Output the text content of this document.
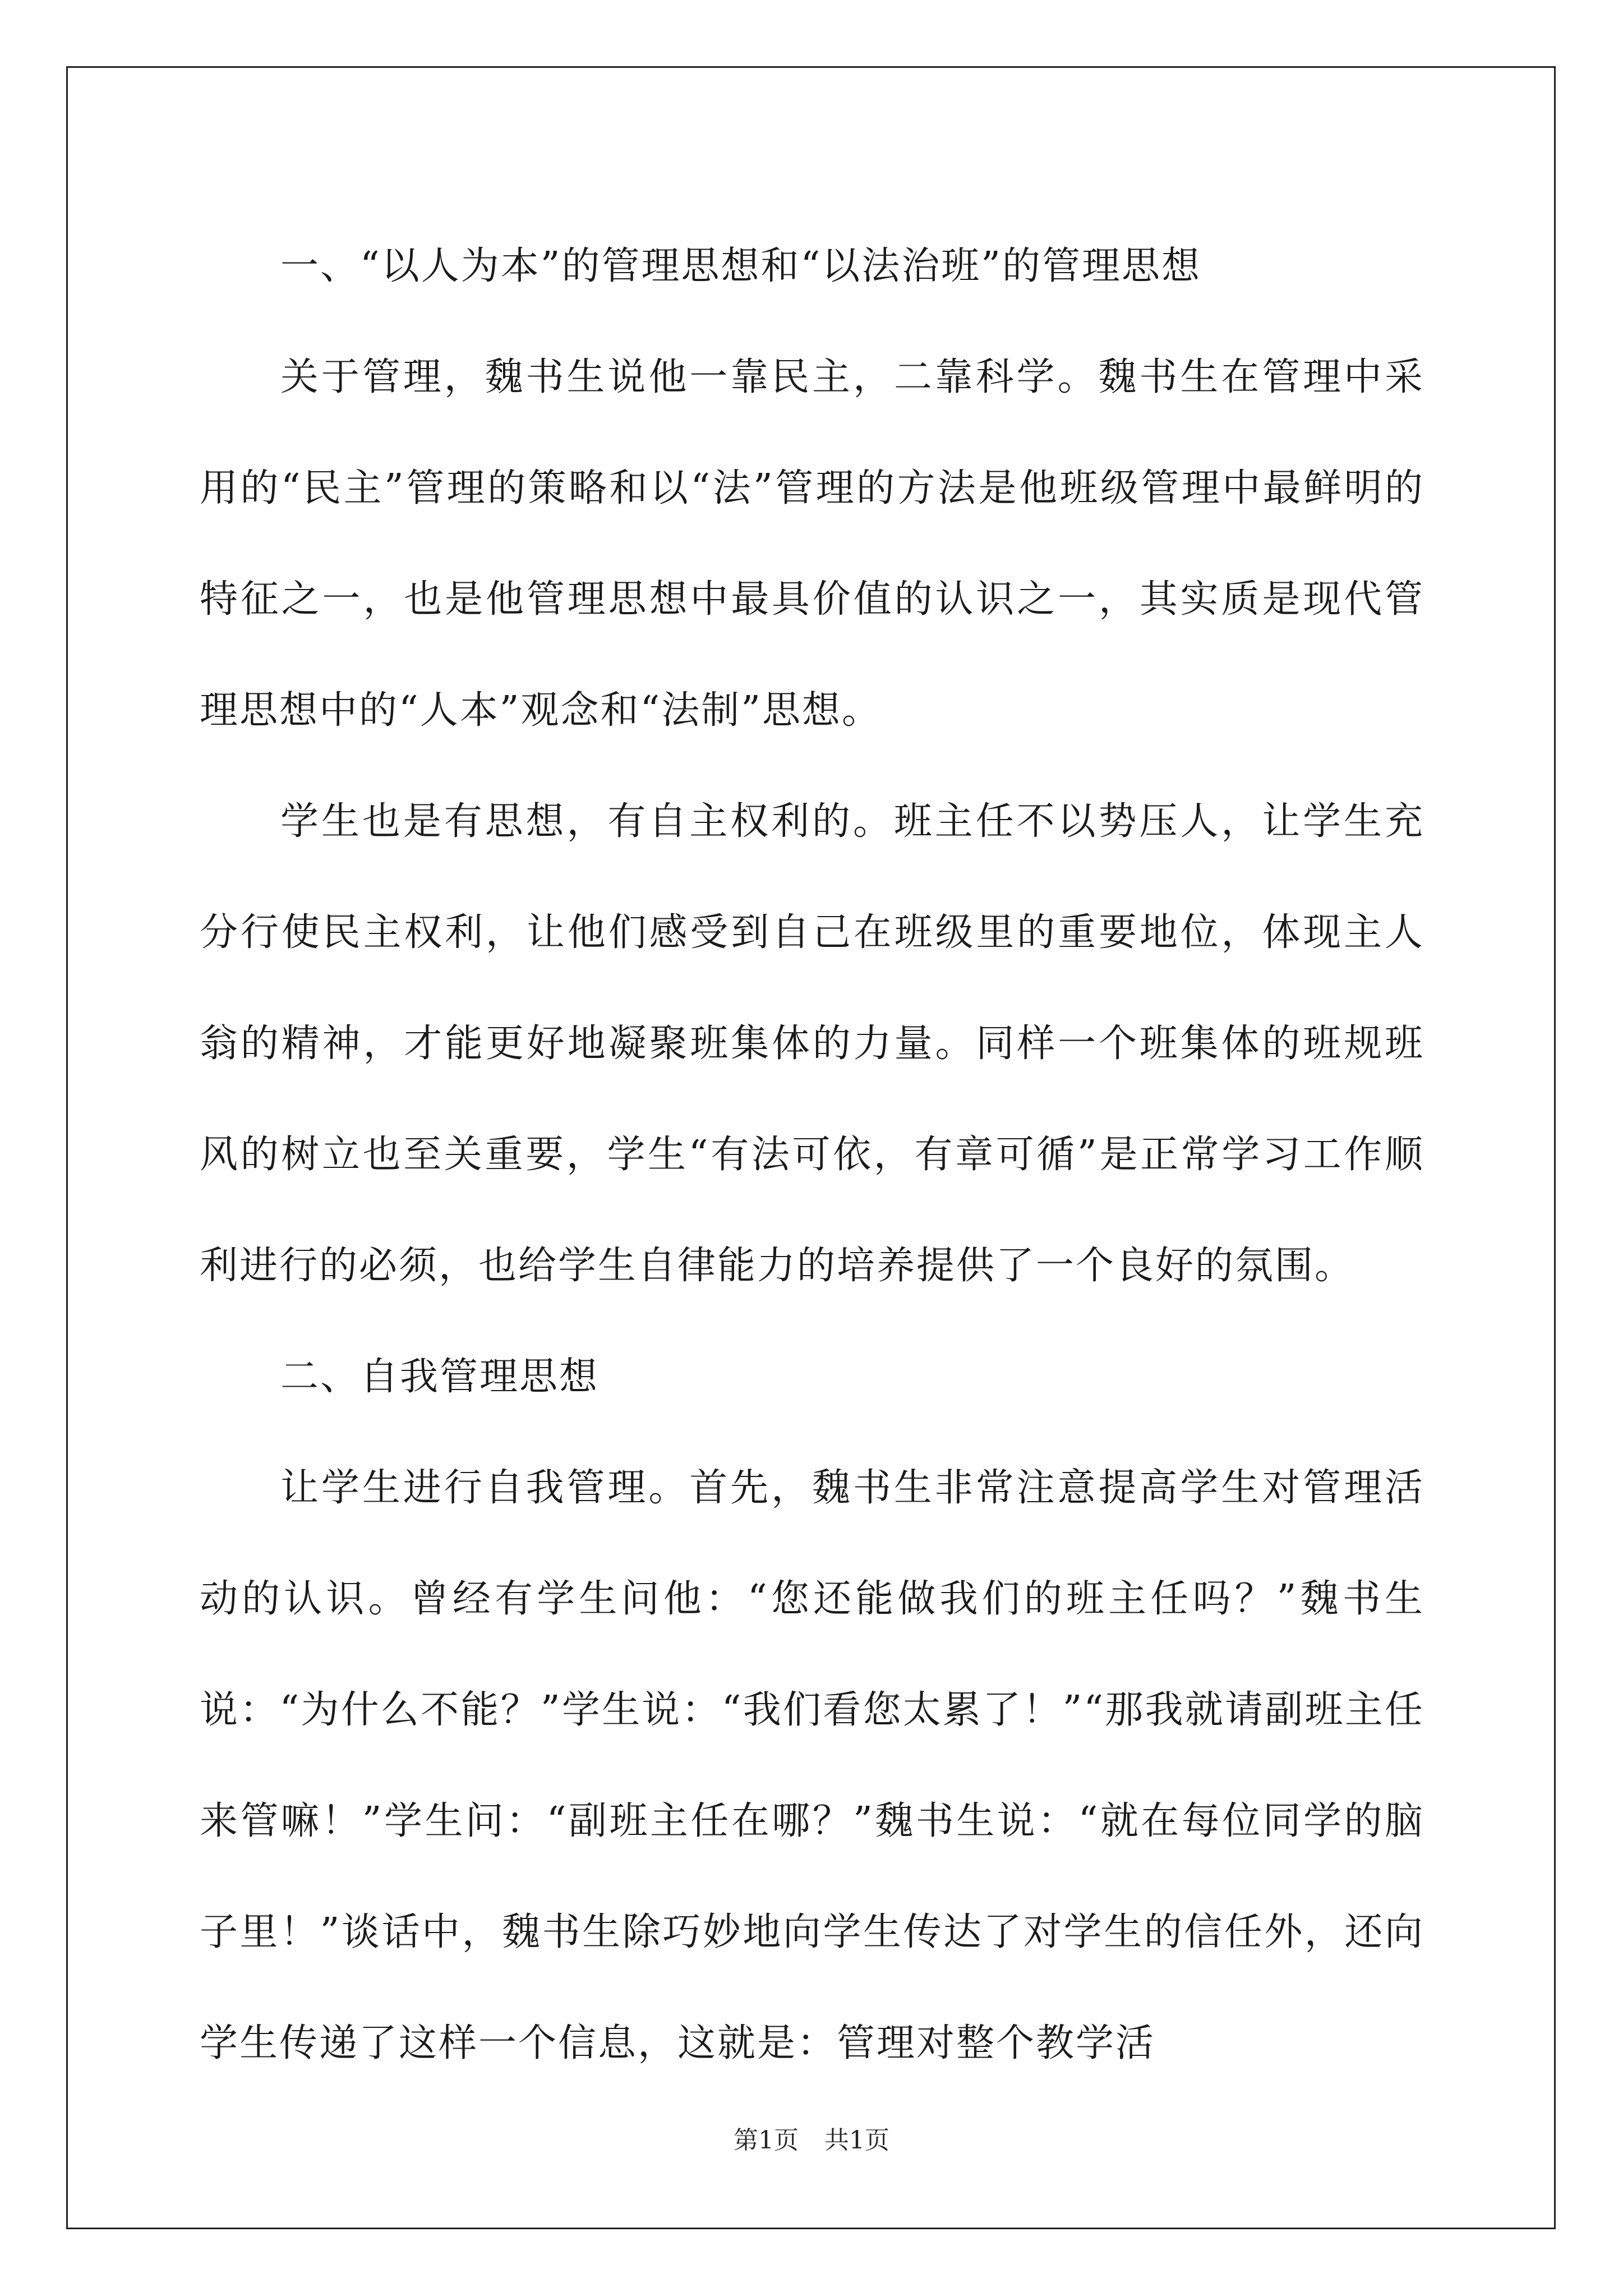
一、“以人为本”的管理思想和“以法治班”的管理思想

关于管理，魏书生说他一靠民主，二靠科学。魏书生在管理中采用的“民主”管理的策略和以“法”管理的方法是他班级管理中最鲜明的特征之一，也是他管理思想中最具价值的认识之一，其实质是现代管理思想中的“人本”观念和“法制”思想。

学生也是有思想，有自主权利的。班主任不以势压人，让学生充分行使民主权利，让他们感受到自己在班级里的重要地位，体现主人翁的精神，才能更好地凝聚班集体的力量。同样一个班集体的班规班风的树立也至关重要，学生“有法可依，有章可循”是正常学习工作顺利进行的必须，也给学生自律能力的培养提供了一个良好的氛围。

二、自我管理思想

让学生进行自我管理。首先，魏书生非常注意提高学生对管理活动的认识。曾经有学生问他：“您还能做我们的班主任吗？”魏书生说：“为什么不能？”学生说：“我们看您太累了！”“那我就请副班主任来管嘛！”学生问：“副班主任在哪？”魏书生说：“就在每位同学的脑子里！”谈话中，魏书生除巧妙地向学生传达了对学生的信任外，还向学生传递了这样一个信息，这就是：管理对整个教学活

第1页 共1页
